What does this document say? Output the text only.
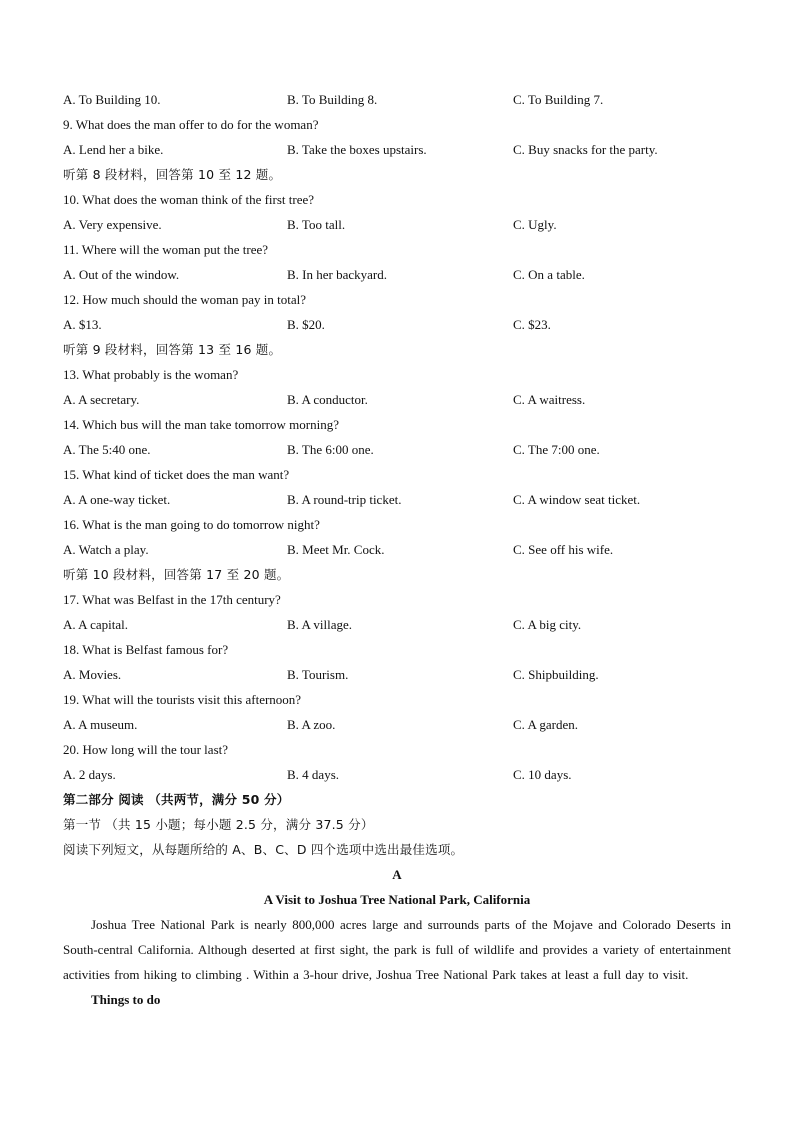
A. To Building 10.	B. To Building 8.	C. To Building 7.
9. What does the man offer to do for the woman?
A. Lend her a bike.	B. Take the boxes upstairs.	C. Buy snacks for the party.
听第 8 段材料，回答第 10 至 12 题。
10. What does the woman think of the first tree?
A. Very expensive.	B. Too tall.	C. Ugly.
11. Where will the woman put the tree?
A. Out of the window.	B. In her backyard.	C. On a table.
12. How much should the woman pay in total?
A. $13.	B. $20.	C. $23.
听第 9 段材料，回答第 13 至 16 题。
13. What probably is the woman?
A. A secretary.	B. A conductor.	C. A waitress.
14. Which bus will the man take tomorrow morning?
A. The 5:40 one.	B. The 6:00 one.	C. The 7:00 one.
15. What kind of ticket does the man want?
A. A one-way ticket.	B. A round-trip ticket.	C. A window seat ticket.
16. What is the man going to do tomorrow night?
A. Watch a play.	B. Meet Mr. Cock.	C. See off his wife.
听第 10 段材料，回答第 17 至 20 题。
17. What was Belfast in the 17th century?
A. A capital.	B. A village.	C. A big city.
18. What is Belfast famous for?
A. Movies.	B. Tourism.	C. Shipbuilding.
19. What will the tourists visit this afternoon?
A. A museum.	B. A zoo.	C. A garden.
20. How long will the tour last?
A. 2 days.	B. 4 days.	C. 10 days.
第二部分 阅读 （共两节，满分 50 分）
第一节 （共 15 小题；每小题 2.5 分，满分 37.5 分）
阅读下列短文，从每题所给的 A、B、C、D 四个选项中选出最佳选项。
A
A Visit to Joshua Tree National Park, California
Joshua Tree National Park is nearly 800,000 acres large and surrounds parts of the Mojave and Colorado Deserts in South-central California. Although deserted at first sight, the park is full of wildlife and provides a variety of entertainment activities from hiking to climbing . Within a 3-hour drive, Joshua Tree National Park takes at least a full day to visit.
Things to do
